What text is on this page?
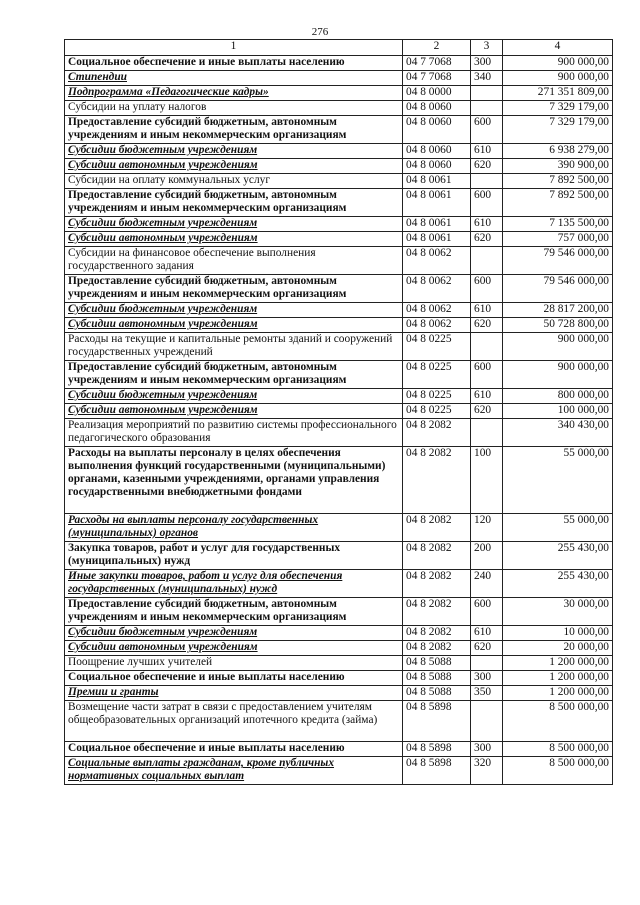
276
1	2	3	4
Социальное обеспечение и иные выплаты населению	04 7 7068	300	900 000,00
Стипендии	04 7 7068	340	900 000,00
Подпрограмма «Педагогические кадры»	04 8 0000		271 351 809,00
Субсидии на уплату налогов	04 8 0060		7 329 179,00
Предоставление субсидий бюджетным, автономным учреждениям и иным некоммерческим организациям	04 8 0060	600	7 329 179,00
Субсидии бюджетным учреждениям	04 8 0060	610	6 938 279,00
Субсидии автономным учреждениям	04 8 0060	620	390 900,00
Субсидии на оплату коммунальных услуг	04 8 0061		7 892 500,00
Предоставление субсидий бюджетным, автономным учреждениям и иным некоммерческим организациям	04 8 0061	600	7 892 500,00
Субсидии бюджетным учреждениям	04 8 0061	610	7 135 500,00
Субсидии автономным учреждениям	04 8 0061	620	757 000,00
Субсидии на финансовое обеспечение выполнения государственного задания	04 8 0062		79 546 000,00
Предоставление субсидий бюджетным, автономным учреждениям и иным некоммерческим организациям	04 8 0062	600	79 546 000,00
Субсидии бюджетным учреждениям	04 8 0062	610	28 817 200,00
Субсидии автономным учреждениям	04 8 0062	620	50 728 800,00
Расходы на текущие и капитальные ремонты зданий и сооружений государственных учреждений	04 8 0225		900 000,00
Предоставление субсидий бюджетным, автономным учреждениям и иным некоммерческим организациям	04 8 0225	600	900 000,00
Субсидии бюджетным учреждениям	04 8 0225	610	800 000,00
Субсидии автономным учреждениям	04 8 0225	620	100 000,00
Реализация мероприятий по развитию системы профессионального педагогического образования	04 8 2082		340 430,00
Расходы на выплаты персоналу в целях обеспечения выполнения функций государственными (муниципальными) органами, казенными учреждениями, органами управления государственными внебюджетными фондами	04 8 2082	100	55 000,00
Расходы на выплаты персоналу государственных (муниципальных) органов	04 8 2082	120	55 000,00
Закупка товаров, работ и услуг для государственных (муниципальных) нужд	04 8 2082	200	255 430,00
Иные закупки товаров, работ и услуг для обеспечения государственных (муниципальных) нужд	04 8 2082	240	255 430,00
Предоставление субсидий бюджетным, автономным учреждениям и иным некоммерческим организациям	04 8 2082	600	30 000,00
Субсидии бюджетным учреждениям	04 8 2082	610	10 000,00
Субсидии автономным учреждениям	04 8 2082	620	20 000,00
Поощрение лучших учителей	04 8 5088		1 200 000,00
Социальное обеспечение и иные выплаты населению	04 8 5088	300	1 200 000,00
Премии и гранты	04 8 5088	350	1 200 000,00
Возмещение части затрат в связи с предоставлением учителям общеобразовательных организаций ипотечного кредита (займа)	04 8 5898		8 500 000,00
Социальное обеспечение и иные выплаты населению	04 8 5898	300	8 500 000,00
Социальные выплаты гражданам, кроме публичных нормативных социальных выплат	04 8 5898	320	8 500 000,00
